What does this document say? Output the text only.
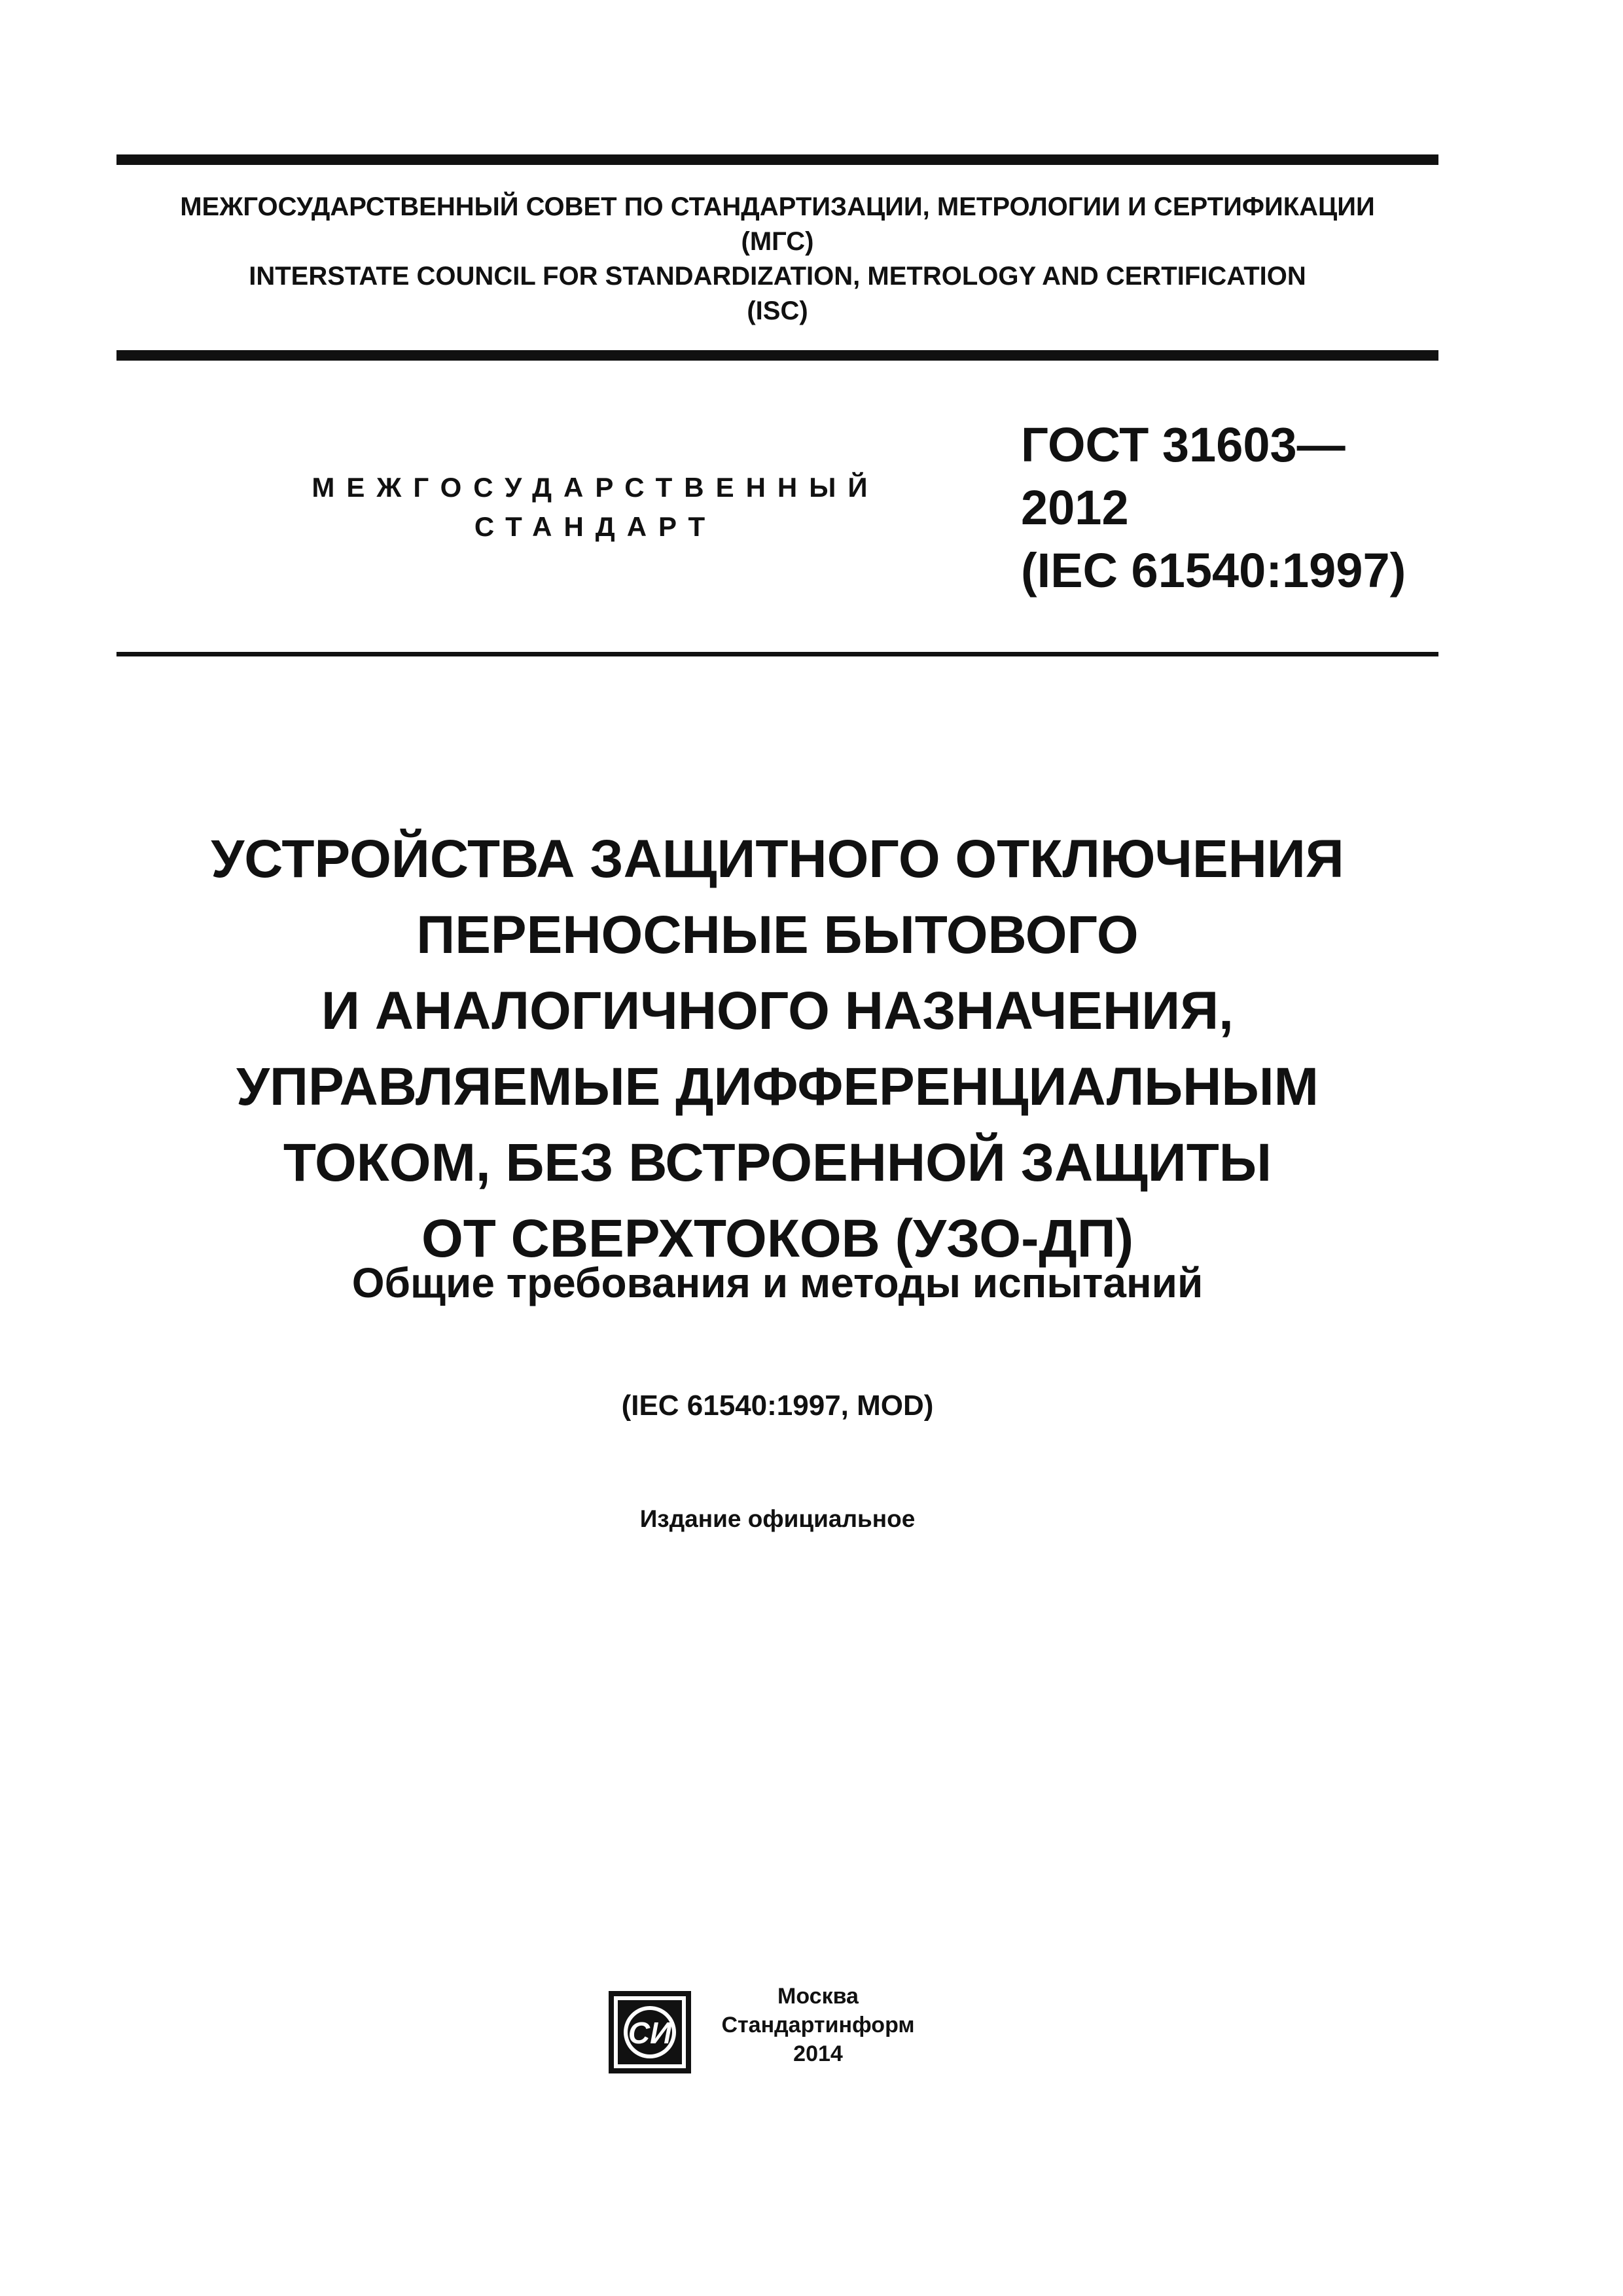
МЕЖГОСУДАРСТВЕННЫЙ СОВЕТ ПО СТАНДАРТИЗАЦИИ, МЕТРОЛОГИИ И СЕРТИФИКАЦИИ
(МГС)
INTERSTATE COUNCIL FOR STANDARDIZATION, METROLOGY AND CERTIFICATION
(ISC)
МЕЖГОСУДАРСТВЕННЫЙ
СТАНДАРТ
ГОСТ 31603—
2012
(IEC 61540:1997)
УСТРОЙСТВА ЗАЩИТНОГО ОТКЛЮЧЕНИЯ
ПЕРЕНОСНЫЕ БЫТОВОГО
И АНАЛОГИЧНОГО НАЗНАЧЕНИЯ,
УПРАВЛЯЕМЫЕ ДИФФЕРЕНЦИАЛЬНЫМ
ТОКОМ, БЕЗ ВСТРОЕННОЙ ЗАЩИТЫ
ОТ СВЕРХТОКОВ (УЗО-ДП)
Общие требования и методы испытаний
(IEC 61540:1997, MOD)
Издание официальное
СИ
Москва
Стандартинформ
2014
